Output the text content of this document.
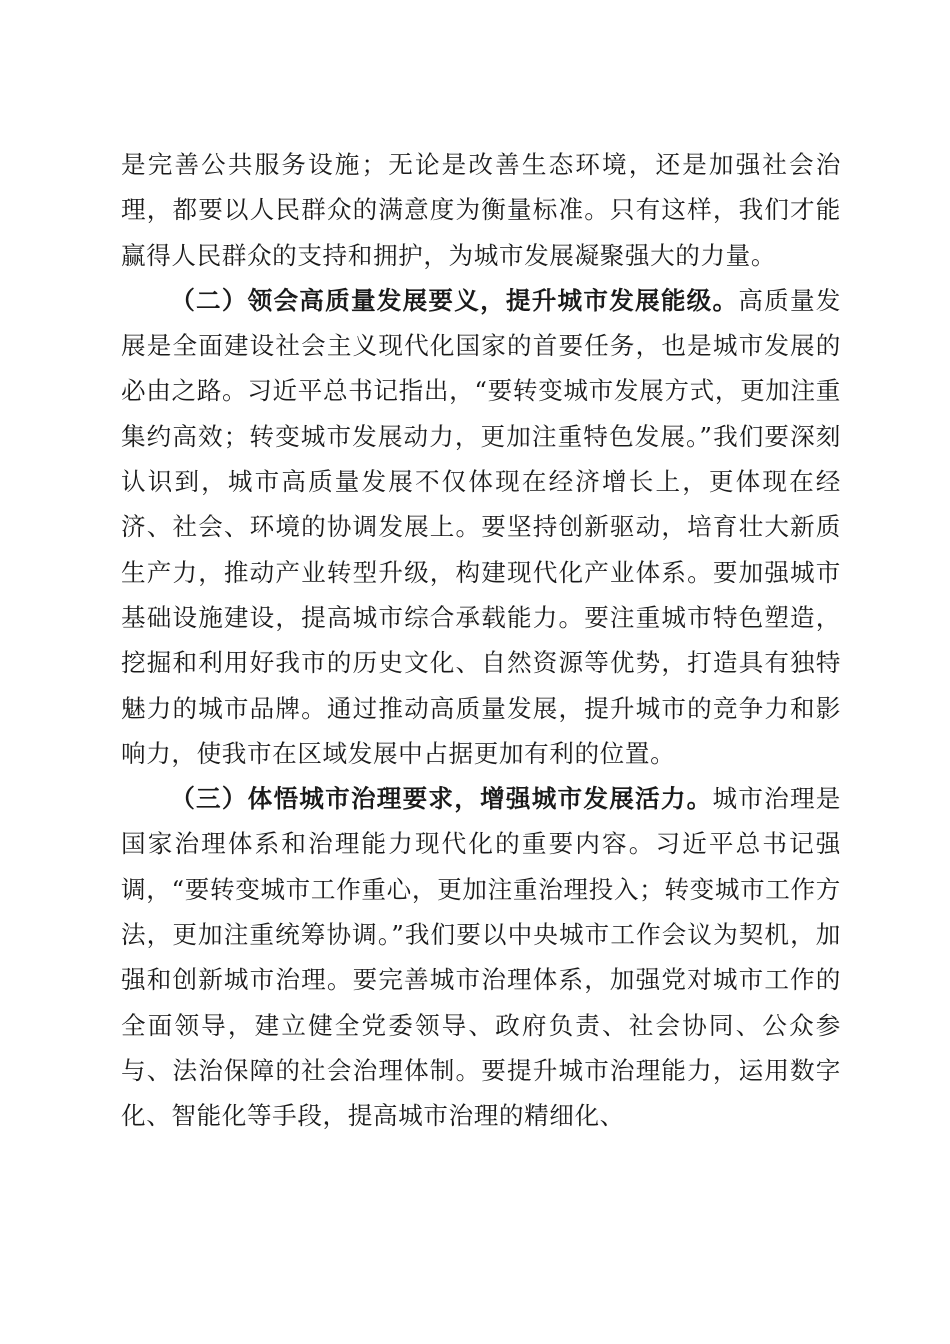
是完善公共服务设施；无论是改善生态环境，还是加强社会治理，都要以人民群众的满意度为衡量标准。只有这样，我们才能赢得人民群众的支持和拥护，为城市发展凝聚强大的力量。

（二）领会高质量发展要义，提升城市发展能级。高质量发展是全面建设社会主义现代化国家的首要任务，也是城市发展的必由之路。习近平总书记指出，“要转变城市发展方式，更加注重集约高效；转变城市发展动力，更加注重特色发展。”我们要深刻认识到，城市高质量发展不仅体现在经济增长上，更体现在经济、社会、环境的协调发展上。要坚持创新驱动，培育壮大新质生产力，推动产业转型升级，构建现代化产业体系。要加强城市基础设施建设，提高城市综合承载能力。要注重城市特色塑造，挖掘和利用好我市的历史文化、自然资源等优势，打造具有独特魅力的城市品牌。通过推动高质量发展，提升城市的竞争力和影响力，使我市在区域发展中占据更加有利的位置。

（三）体悟城市治理要求，增强城市发展活力。城市治理是国家治理体系和治理能力现代化的重要内容。习近平总书记强调，“要转变城市工作重心，更加注重治理投入；转变城市工作方法，更加注重统筹协调。”我们要以中央城市工作会议为契机，加强和创新城市治理。要完善城市治理体系，加强党对城市工作的全面领导，建立健全党委领导、政府负责、社会协同、公众参与、法治保障的社会治理体制。要提升城市治理能力，运用数字化、智能化等手段，提高城市治理的精细化、
